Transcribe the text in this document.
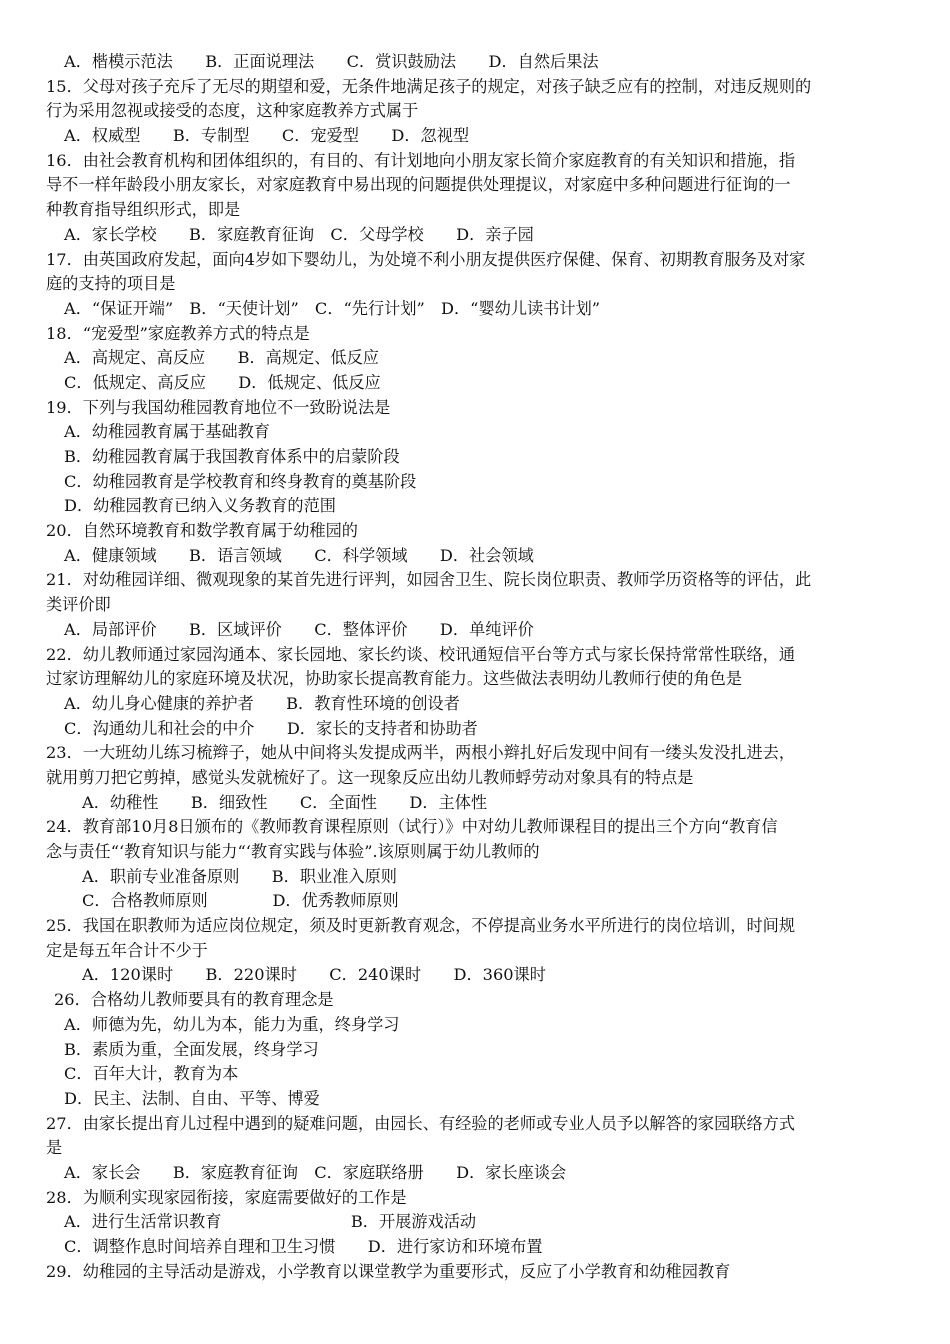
A．楷模示范法　　B．正面说理法　　C．赏识鼓励法　　D．自然后果法
15．父母对孩子充斥了无尽的期望和爱，无条件地满足孩子的规定，对孩子缺乏应有的控制，对违反规则的
行为采用忽视或接受的态度，这种家庭教养方式属于
A．权威型　　B．专制型　　C．宠爱型　　D．忽视型
16．由社会教育机构和团体组织的，有目的、有计划地向小朋友家长简介家庭教育的有关知识和措施，指
导不一样年龄段小朋友家长，对家庭教育中易出现的问题提供处理提议，对家庭中多种问题进行征询的一
种教育指导组织形式，即是
A．家长学校　　B．家庭教育征询　C．父母学校　　D．亲子园
17．由英国政府发起，面向4岁如下婴幼儿，为处境不利小朋友提供医疗保健、保育、初期教育服务及对家
庭的支持的项目是
A．“保证开端”　B．“天使计划”　C．“先行计划”　D．“婴幼儿读书计划”
18．“宠爱型”家庭教养方式的特点是
A．高规定、高反应　　B．高规定、低反应
C．低规定、高反应　　D．低规定、低反应
19．下列与我国幼稚园教育地位不一致盼说法是
A．幼稚园教育属于基础教育
B．幼稚园教育属于我国教育体系中的启蒙阶段
C．幼稚园教育是学校教育和终身教育的奠基阶段
D．幼稚园教育已纳入义务教育的范围
20．自然环境教育和数学教育属于幼稚园的
A．健康领域　　B．语言领域　　C．科学领域　　D．社会领域
21．对幼稚园详细、微观现象的某首先进行评判，如园舍卫生、院长岗位职责、教师学历资格等的评估，此
类评价即
A．局部评价　　B．区域评价　　C．整体评价　　D．单纯评价
22．幼儿教师通过家园沟通本、家长园地、家长约谈、校讯通短信平台等方式与家长保持常常性联络，通
过家访理解幼儿的家庭环境及状况，协助家长提高教育能力。这些做法表明幼儿教师行使的角色是
A．幼儿身心健康的养护者　　B．教育性环境的创设者
C．沟通幼儿和社会的中介　　D．家长的支持者和协助者
23．一大班幼儿练习梳辫子，她从中间将头发提成两半，两根小辫扎好后发现中间有一缕头发没扎进去，
就用剪刀把它剪掉，感觉头发就梳好了。这一现象反应出幼儿教师蜉劳动对象具有的特点是
A．幼稚性　　B．细致性　　C．全面性　　D．主体性
24．教育部10月8日颁布的《教师教育课程原则（试行）》中对幼儿教师课程目的提出三个方向“教育信
念与责任“‘教育知识与能力“‘教育实践与体验”.该原则属于幼儿教师的
A．职前专业准备原则　　B．职业准入原则
C．合格教师原则　　　　D．优秀教师原则
25．我国在职教师为适应岗位规定，须及时更新教育观念，不停提高业务水平所进行的岗位培训，时间规
定是每五年合计不少于
A．120课时　　B．220课时　　C．240课时　　D．360课时
26．合格幼儿教师要具有的教育理念是
A．师德为先，幼儿为本，能力为重，终身学习
B．素质为重，全面发展，终身学习
C．百年大计，教育为本
D．民主、法制、自由、平等、博爱
27．由家长提出育儿过程中遇到的疑难问题，由园长、有经验的老师或专业人员予以解答的家园联络方式
是
A．家长会　　B．家庭教育征询　C．家庭联络册　　D．家长座谈会
28．为顺利实现家园衔接，家庭需要做好的工作是
A．进行生活常识教育　　　　　　　　B．开展游戏活动
C．调整作息时间培养自理和卫生习惯　　D．进行家访和环境布置
29．幼稚园的主导活动是游戏，小学教育以课堂教学为重要形式，反应了小学教育和幼稚园教育
